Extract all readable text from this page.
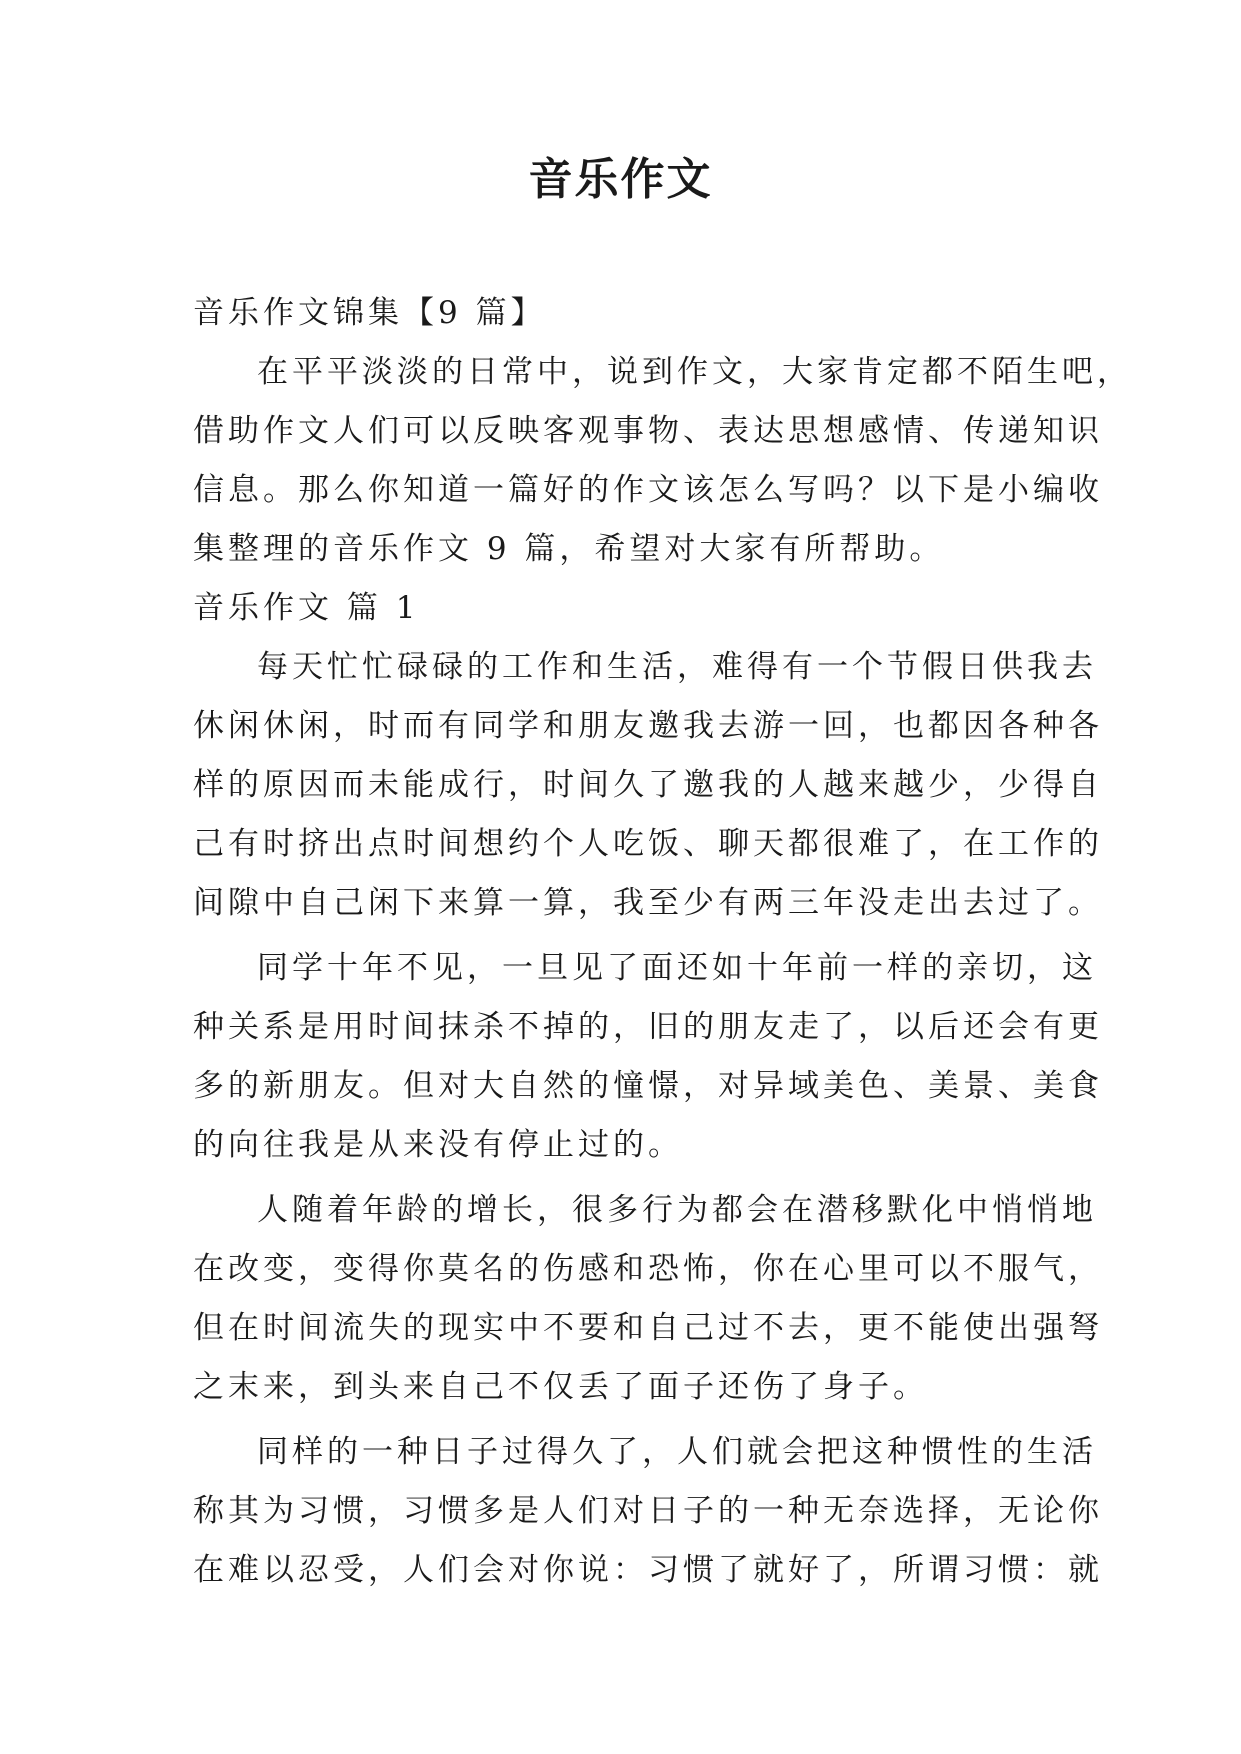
音乐作文

音乐作文锦集【9 篇】

在平平淡淡的日常中，说到作文，大家肯定都不陌生吧，

借助作文人们可以反映客观事物、表达思想感情、传递知识

信息。那么你知道一篇好的作文该怎么写吗？以下是小编收

集整理的音乐作文 9 篇，希望对大家有所帮助。

音乐作文 篇 1

每天忙忙碌碌的工作和生活，难得有一个节假日供我去

休闲休闲，时而有同学和朋友邀我去游一回，也都因各种各

样的原因而未能成行，时间久了邀我的人越来越少，少得自

己有时挤出点时间想约个人吃饭、聊天都很难了，在工作的

间隙中自己闲下来算一算，我至少有两三年没走出去过了。

同学十年不见，一旦见了面还如十年前一样的亲切，这

种关系是用时间抹杀不掉的，旧的朋友走了，以后还会有更

多的新朋友。但对大自然的憧憬，对异域美色、美景、美食

的向往我是从来没有停止过的。

人随着年龄的增长，很多行为都会在潜移默化中悄悄地

在改变，变得你莫名的伤感和恐怖，你在心里可以不服气，

但在时间流失的现实中不要和自己过不去，更不能使出强弩

之末来，到头来自己不仅丢了面子还伤了身子。

同样的一种日子过得久了，人们就会把这种惯性的生活

称其为习惯，习惯多是人们对日子的一种无奈选择，无论你

在难以忍受，人们会对你说：习惯了就好了，所谓习惯：就
